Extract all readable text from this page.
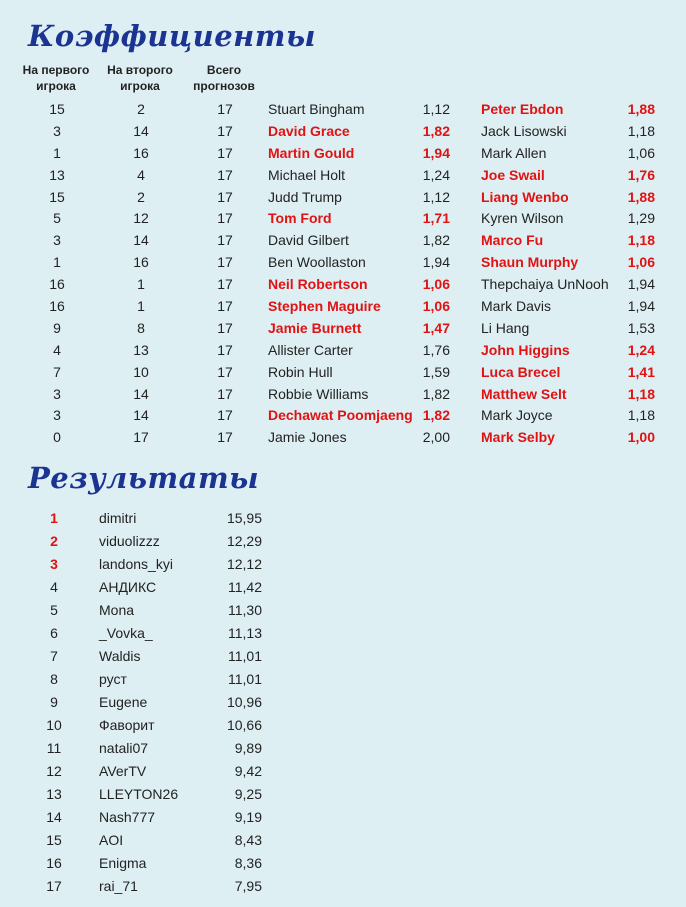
Коэффициенты
На первого
игрока
На второго
игрока
Всего
прогнозов
15	2	17	Stuart Bingham	1,12 Peter Ebdon	1,88
3	14	17	David Grace	1,82 Jack Lisowski	1,18
1	16	17	Martin Gould	1,94 Mark Allen	1,06
13	4	17	Michael Holt	1,24 Joe Swail	1,76
15	2	17	Judd Trump	1,12 Liang Wenbo	1,88
5	12	17	Tom Ford	1,71 Kyren Wilson	1,29
3	14	17	David Gilbert	1,82 Marco Fu	1,18
1	16	17	Ben Woollaston	1,94 Shaun Murphy	1,06
16	1	17	Neil Robertson	1,06 Thepchaiya UnNooh	1,94
16	1	17	Stephen Maguire	1,06 Mark Davis	1,94
9	8	17	Jamie Burnett	1,47 Li Hang	1,53
4	13	17	Allister Carter	1,76 John Higgins	1,24
7	10	17	Robin Hull	1,59 Luca Brecel	1,41
3	14	17	Robbie Williams	1,82 Matthew Selt	1,18
3	14	17	Dechawat Poomjaeng 1,82 Mark Joyce	1,18
0	17	17	Jamie Jones	2,00 Mark Selby	1,00
Результаты
1	dimitri	15,95
2	viduolizzz	12,29
3	landons_kyi	12,12
4	АНДИКС	11,42
5	Mona	11,30
6	_Vovka_	11,13
7	Waldis	11,01
8	руст	11,01
9	Eugene	10,96
10	Фаворит	10,66
11	natali07	9,89
12	AVerTV	9,42
13	LLEYTON26	9,25
14	Nash777	9,19
15	AOI	8,43
16	Enigma	8,36
17	rai_71	7,95
